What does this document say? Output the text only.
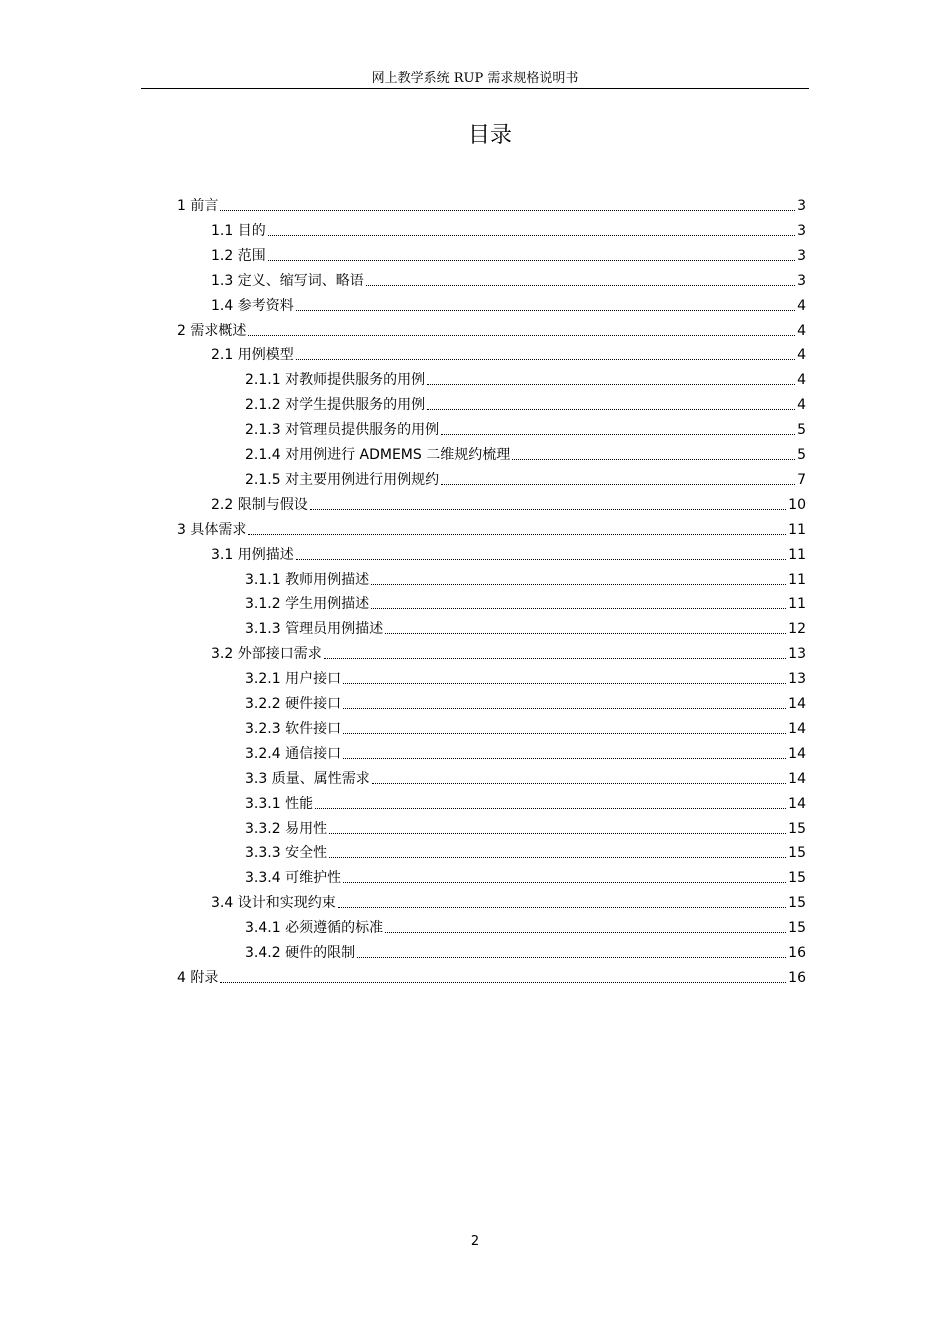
网上教学系统 RUP 需求规格说明书
目录
1 前言	3
1.1 目的	3
1.2 范围	3
1.3 定义、缩写词、略语	3
1.4 参考资料	4
2 需求概述	4
2.1 用例模型	4
2.1.1 对教师提供服务的用例	4
2.1.2 对学生提供服务的用例	4
2.1.3 对管理员提供服务的用例	5
2.1.4 对用例进行 ADMEMS 二维规约梳理	5
2.1.5 对主要用例进行用例规约	7
2.2 限制与假设	10
3 具体需求	11
3.1 用例描述	11
3.1.1 教师用例描述	11
3.1.2 学生用例描述	11
3.1.3 管理员用例描述	12
3.2 外部接口需求	13
3.2.1 用户接口	13
3.2.2 硬件接口	14
3.2.3 软件接口	14
3.2.4 通信接口	14
3.3 质量、属性需求	14
3.3.1 性能	14
3.3.2 易用性	15
3.3.3 安全性	15
3.3.4 可维护性	15
3.4 设计和实现约束	15
3.4.1 必须遵循的标准	15
3.4.2 硬件的限制	16
4 附录	16
2
